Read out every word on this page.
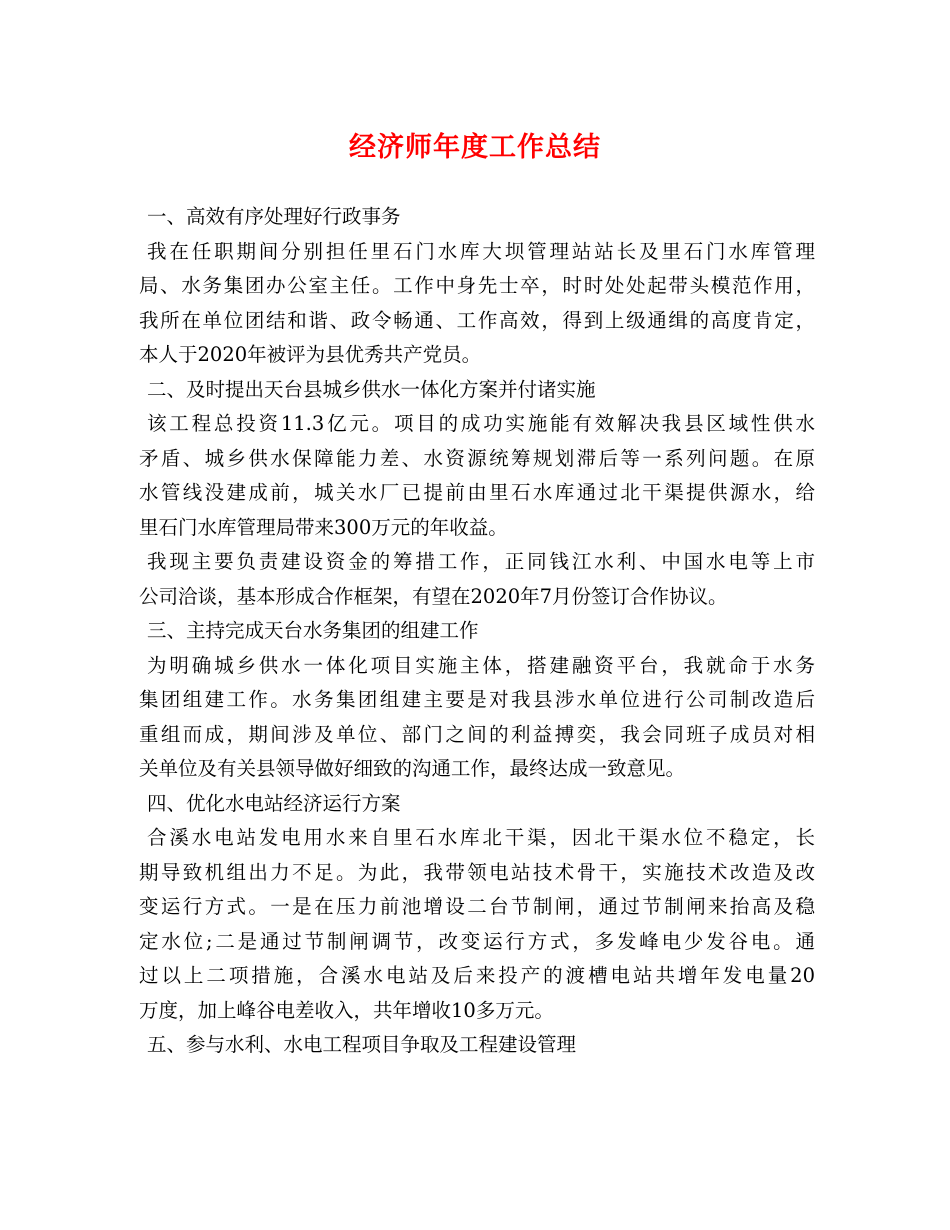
经济师年度工作总结
一、高效有序处理好行政事务
我在任职期间分别担任里石门水库大坝管理站站长及里石门水库管理
局、水务集团办公室主任。工作中身先士卒，时时处处起带头模范作用，
我所在单位团结和谐、政令畅通、工作高效，得到上级通缉的高度肯定，
本人于2020年被评为县优秀共产党员。
二、及时提出天台县城乡供水一体化方案并付诸实施
该工程总投资11.3亿元。项目的成功实施能有效解决我县区域性供水
矛盾、城乡供水保障能力差、水资源统筹规划滞后等一系列问题。在原
水管线没建成前，城关水厂已提前由里石水库通过北干渠提供源水，给
里石门水库管理局带来300万元的年收益。
我现主要负责建设资金的筹措工作，正同钱江水利、中国水电等上市
公司洽谈，基本形成合作框架，有望在2020年7月份签订合作协议。
三、主持完成天台水务集团的组建工作
为明确城乡供水一体化项目实施主体，搭建融资平台，我就命于水务
集团组建工作。水务集团组建主要是对我县涉水单位进行公司制改造后
重组而成，期间涉及单位、部门之间的利益搏奕，我会同班子成员对相
关单位及有关县领导做好细致的沟通工作，最终达成一致意见。
四、优化水电站经济运行方案
合溪水电站发电用水来自里石水库北干渠，因北干渠水位不稳定，长
期导致机组出力不足。为此，我带领电站技术骨干，实施技术改造及改
变运行方式。一是在压力前池增设二台节制闸，通过节制闸来抬高及稳
定水位;二是通过节制闸调节，改变运行方式，多发峰电少发谷电。通
过以上二项措施，合溪水电站及后来投产的渡槽电站共增年发电量20
万度，加上峰谷电差收入，共年增收10多万元。
五、参与水利、水电工程项目争取及工程建设管理
